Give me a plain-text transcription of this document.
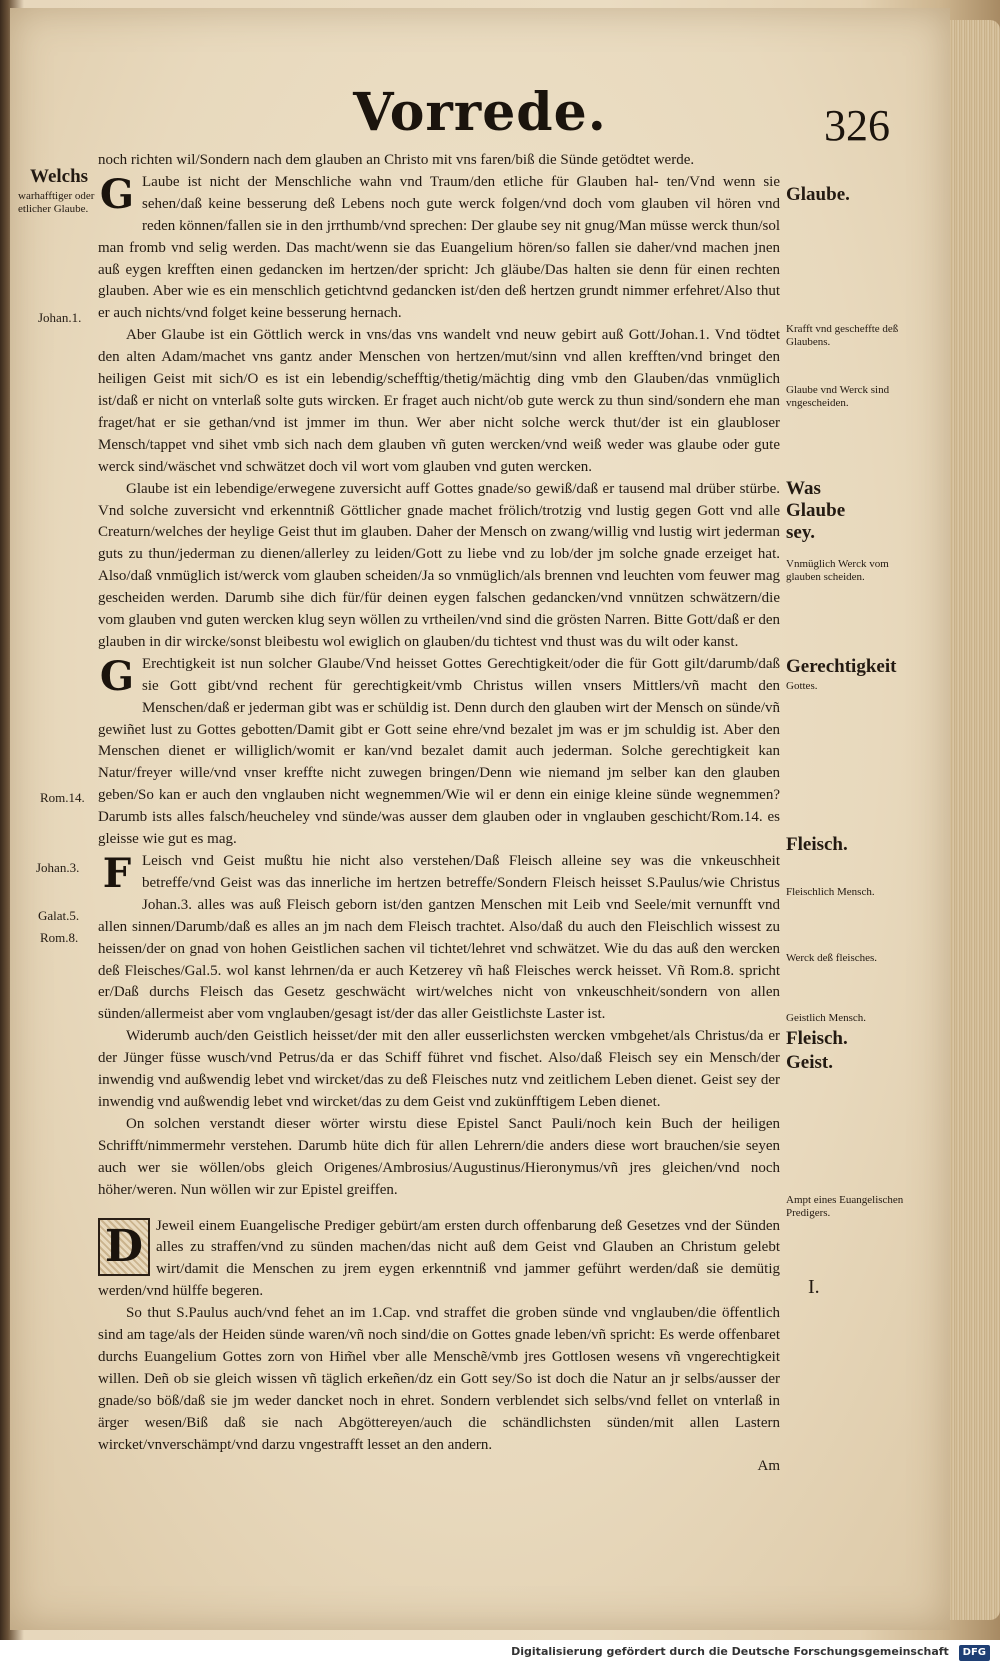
Vorrede.	326

noch richten wil/Sondern nach dem glauben an Christo mit vns faren/biß die Sünde getödtet werde.

G Laube ist nicht der Menschliche wahn vnd Traum/den etliche für Glauben hal- ten/Vnd wenn sie sehen/daß keine besserung deß Lebens noch gute werck folgen/vnd doch vom glauben vil hören vnd reden können/fallen sie in den jrrthumb/vnd sprechen: Der glaube sey nit gnug/Man müsse werck thun/sol man fromb vnd selig werden. Das macht/wenn sie das Euangelium hören/so fallen sie daher/vnd machen jnen auß eygen krefften einen gedancken im hertzen/der spricht: Jch gläube/Das halten sie denn für einen rechten glauben. Aber wie es ein menschlich getichtvnd gedancken ist/den deß hertzen grundt nimmer erfehret/Also thut er auch nichts/vnd folget keine besserung hernach.

Aber Glaube ist ein Göttlich werck in vns/das vns wandelt vnd neuw gebirt auß Gott/Johan.1. Vnd tödtet den alten Adam/machet vns gantz ander Menschen von hertzen/mut/sinn vnd allen krefften/vnd bringet den heiligen Geist mit sich/O es ist ein lebendig/schefftig/thetig/mächtig ding vmb den Glauben/das vnmüglich ist/daß er nicht on vnterlaß solte guts wircken. Er fraget auch nicht/ob gute werck zu thun sind/sondern ehe man fraget/hat er sie gethan/vnd ist jmmer im thun. Wer aber nicht solche werck thut/der ist ein glaubloser Mensch/tappet vnd sihet vmb sich nach dem glauben vñ guten wercken/vnd weiß weder was glaube oder gute werck sind/wäschet vnd schwätzet doch vil wort vom glauben vnd guten wercken.

Glaube ist ein lebendige/erwegene zuversicht auff Gottes gnade/so gewiß/daß er tausend mal drüber stürbe. Vnd solche zuversicht vnd erkenntniß Göttlicher gnade machet frölich/trotzig vnd lustig gegen Gott vnd alle Creaturn/welches der heylige Geist thut im glauben. Daher der Mensch on zwang/willig vnd lustig wirt jederman guts zu thun/jederman zu dienen/allerley zu leiden/Gott zu liebe vnd zu lob/der jm solche gnade erzeiget hat. Also/daß vnmüglich ist/werck vom glauben scheiden/Ja so vnmüglich/als brennen vnd leuchten vom feuwer mag gescheiden werden. Darumb sihe dich für/für deinen eygen falschen gedancken/vnd vnnützen schwätzern/die vom glauben vnd guten wercken klug seyn wöllen zu vrtheilen/vnd sind die grösten Narren. Bitte Gott/daß er den glauben in dir wircke/sonst bleibestu wol ewiglich on glauben/du tichtest vnd thust was du wilt oder kanst.

G Erechtigkeit ist nun solcher Glaube/Vnd heisset Gottes Gerechtigkeit/oder die für Gott gilt/darumb/daß sie Gott gibt/vnd rechent für gerechtigkeit/vmb Christus willen vnsers Mittlers/vñ macht den Menschen/daß er jederman gibt was er schüldig ist. Denn durch den glauben wirt der Mensch on sünde/vñ gewiñet lust zu Gottes gebotten/Damit gibt er Gott seine ehre/vnd bezalet jm was er jm schuldig ist. Aber den Menschen dienet er williglich/womit er kan/vnd bezalet damit auch jederman. Solche gerechtigkeit kan Natur/freyer wille/vnd vnser kreffte nicht zuwegen bringen/Denn wie niemand jm selber kan den glauben geben/So kan er auch den vnglauben nicht wegnemmen/Wie wil er denn ein einige kleine sünde wegnemmen? Darumb ists alles falsch/heucheley vnd sünde/was ausser dem glauben oder in vnglauben geschicht/Rom.14. es gleisse wie gut es mag.

F Leisch vnd Geist mußtu hie nicht also verstehen/Daß Fleisch alleine sey was die vnkeuschheit betreffe/vnd Geist was das innerliche im hertzen betreffe/Sondern Fleisch heisset S.Paulus/wie Christus Johan.3. alles was auß Fleisch geborn ist/den gantzen Menschen mit Leib vnd Seele/mit vernunfft vnd allen sinnen/Darumb/daß es alles an jm nach dem Fleisch trachtet. Also/daß du auch den Fleischlich wissest zu heissen/der on gnad von hohen Geistlichen sachen vil tichtet/lehret vnd schwätzet. Wie du das auß den wercken deß Fleisches/Gal.5. wol kanst lehrnen/da er auch Ketzerey vñ haß Fleisches werck heisset. Vñ Rom.8. spricht er/Daß durchs Fleisch das Gesetz geschwächt wirt/welches nicht von vnkeuschheit/sondern von allen sünden/allermeist aber vom vnglauben/gesagt ist/der das aller Geistlichste Laster ist.

Widerumb auch/den Geistlich heisset/der mit den aller eusserlichsten wercken vmbgehet/als Christus/da er der Jünger füsse wusch/vnd Petrus/da er das Schiff führet vnd fischet. Also/daß Fleisch sey ein Mensch/der inwendig vnd außwendig lebet vnd wircket/das zu deß Fleisches nutz vnd zeitlichem Leben dienet. Geist sey der inwendig vnd außwendig lebet vnd wircket/das zu dem Geist vnd zukünfftigem Leben dienet.

On solchen verstandt dieser wörter wirstu diese Epistel Sanct Pauli/noch kein Buch der heiligen Schrifft/nimmermehr verstehen. Darumb hüte dich für allen Lehrern/die anders diese wort brauchen/sie seyen auch wer sie wöllen/obs gleich Origenes/Ambrosius/Augustinus/Hieronymus/vñ jres gleichen/vnd noch höher/weren. Nun wöllen wir zur Epistel greiffen.

D Jeweil einem Euangelische Prediger gebürt/am ersten durch offenbarung deß Gesetzes vnd der Sünden alles zu straffen/vnd zu sünden machen/das nicht auß dem Geist vnd Glauben an Christum gelebt wirt/damit die Menschen zu jrem eygen erkenntniß vnd jammer geführt werden/daß sie demütig werden/vnd hülffe begeren.

So thut S.Paulus auch/vnd fehet an im 1.Cap. vnd straffet die groben sünde vnd vnglauben/die öffentlich sind am tage/als der Heiden sünde waren/vñ noch sind/die on Gottes gnade leben/vñ spricht: Es werde offenbaret durchs Euangelium Gottes zorn von Him̃el vber alle Menschẽ/vmb jres Gottlosen wesens vñ vngerechtigkeit willen. Deñ ob sie gleich wissen vñ täglich erkeñen/dz ein Gott sey/So ist doch die Natur an jr selbs/ausser der gnade/so böß/daß sie jm weder dancket noch in ehret. Sondern verblendet sich selbs/vnd fellet on vnterlaß in ärger wesen/Biß daß sie nach Abgöttereyen/auch die schändlichsten sünden/mit allen Lastern wircket/vnverschämpt/vnd darzu vngestrafft lesset an den andern.

Am

Welchs
warhafftiger oder etlicher Glaube.
Johan.1.
Rom.14.
Johan.3.
Galat.5.
Rom.8.
Glaube.
Krafft vnd gescheffte deß Glaubens.
Glaube vnd Werck sind vngescheiden.
Was Glaube sey.
Vnmüglich Werck vom glauben scheiden.
Gerechtigkeit
Gottes.
Fleisch.
Fleischlich Mensch.
Werck deß fleisches.
Geistlich Mensch.
Fleisch.
Geist.
Ampt eines Euangelischen Predigers.
I.
Digitalisierung gefördert durch die Deutsche Forschungsgemeinschaft DFG
